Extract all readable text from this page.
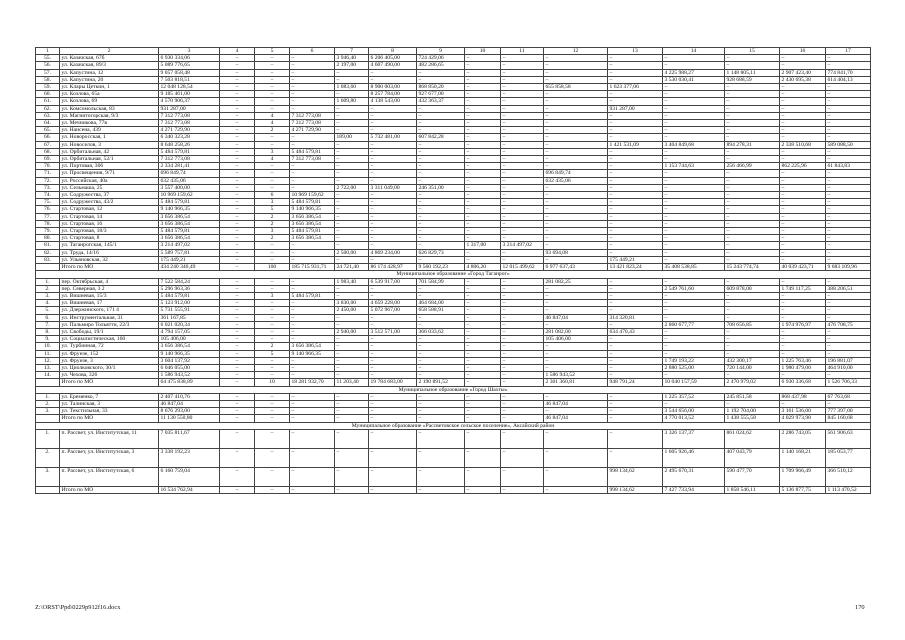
1	2	3	4	5	6	7	8	9	10	11	12	13	14	15	16	17
55.	ул. Казачская, 67б	6 930 334,06	–	–	–	3 946,40	6 206 405,00	724 429,06	–	–	–	–	–	–	–	–
56.	ул. Казачская, 89/3	5 089 776,65	–	–	–	2 197,00	4 607 490,00	482 286,65	–	–	–	–	–	–	–	–
57.	ул. Капустина, 12	9 057 058,48	–	–	–	–	–	–	–	–	–	–	4 225 988,27	1 148 805,11	2 907 423,40	774 841,70
58.	ул. Капустина, 20	7 503 818,51	–	–	–	–	–	–	–	–	–	–	3 530 030,41	928 688,59	2 430 695,38	614 404,13
59.	ул. Клары Цеткин, 1	12 048 128,54	–	–	–	1 083,60	8 900 003,00	868 850,20	–	–	655 858,58	1 623 377,06	–	–	–	–
60.	ул. Козлова, 65а	9 185 461,00	–	–	–	–	8 257 784,00	927 677,00	–	–	–	–	–	–	–	–
61.	ул. Козлова, 69	4 570 906,37	–	–	–	1 609,80	4 138 543,00	432 363,37	–	–	–	–	–	–	–	–
62.	ул. Комсомольская, 83	931 287,00	–	–	–	–	–	–	–	–	–	931 287,00	–	–	–	–
63.	ул. Магнитогорская, 9/3	7 312 773,08	–	4	7 312 773,08	–	–	–	–	–	–	–	–	–	–	–
64.	ул. Мечникова, 77в	7 312 773,08	–	4	7 312 773,08	–	–	–	–	–	–	–	–	–	–	–
65.	ул. Нансена, 439	4 271 729,90	–	2	4 271 729,90	–	–	–	–	–	–	–	–	–	–	–
66.	ул. Новоросская, 1	6 340 323,28	–	–	–	189,00	5 732 481,00	607 842,28	–	–	–	–	–	–	–	–
67.	ул. Новоселов, 3	8 648 258,26	–	–	–	–	–	–	–	–	–	1 421 531,09	3 404 849,68	894 278,31	2 338 510,68	589 088,50
68.	ул. Орбитальная, 42	5 484 579,81	–	3	5 484 579,81	–	–	–	–	–	–	–	–	–	–	–
69.	ул. Орбитальная, 52/1	7 312 773,08	–	4	7 312 773,08	–	–	–	–	–	–	–	–	–	–	–
70.	ул. Портовая, 306	2 334 281,41	–	–	–	–	–	–	–	–	–	–	1 153 744,63	256 466,99	862 225,96	61 843,83
71.	ул. Просвещения, 9/71	696 849,74	–	–	–	–	–	–	–	–	696 849,74	–	–	–	–	–
72.	ул. Российская, 40а	632 435,06	–	–	–	–	–	–	–	–	632 435,06	–	–	–	–	–
73.	ул. Сельмаша, 25	3 557 400,00	–	–	–	2 722,00	3 311 049,00	246 351,00	–	–	–	–	–	–	–	–
74.	ул. Содружества, 37	10 969 159,62	–	6	10 969 159,62	–	–	–	–	–	–	–	–	–	–	–
75.	ул. Содружества, 43/2	5 484 579,81	–	3	5 484 579,81	–	–	–	–	–	–	–	–	–	–	–
76.	ул. Стартовая, 12	9 140 966,35	–	5	9 140 966,35	–	–	–	–	–	–	–	–	–	–	–
77.	ул. Стартовая, 14	3 656 386,54	–	2	3 656 386,54	–	–	–	–	–	–	–	–	–	–	–
78.	ул. Стартовая, 16	3 656 386,54	–	2	3 656 386,54	–	–	–	–	–	–	–	–	–	–	–
79.	ул. Стартовая, 18/3	5 484 579,81	–	3	5 484 579,81	–	–	–	–	–	–	–	–	–	–	–
80.	ул. Стартовая, 8	3 656 386,54	–	2	3 656 386,54	–	–	–	–	–	–	–	–	–	–	–
81.	ул. Таганрогская, 145/1	3 214 497,02	–	–	–	–	–	–	1 317,00	3 214 497,02	–	–	–	–	–	–
82.	ул. Труда, 14/16	5 589 757,81	–	–	–	2 500,00	4 869 234,00	626 829,73	–	–	93 694,08	–	–	–	–	–
83.	ул. Ульяновская, 32	175 449,21	–	–	–	–	–	–	–	–	–	175 449,21	–	–	–	–
	Итого по МО	434 240 340,49	–	100	185 715 931,71	24 721,40	86 174 428,97	9 560 192,23	4 806,20	12 015 499,62	6 977 637,43	13 421 823,24	35 408 538,85	15 243 774,74	40 039 423,71	9 683 109,96
Муниципальное образование «Город Таганрог»																
1.	пер. Октябрьская, 4	7 522 584,24	–	–	–	1 983,40	6 539 917,00	701 584,99	–	–	281 082,25	–	–	–	–	–
2.	пер. Северная, 3 2	5 296 963,36	–	–	–	–	–	–	–	–	–	–	2 549 761,60	609 878,00	1 749 117,25	388 206,51
3.	ул. Вишневая, 15/3	5 484 579,81	–	3	5 484 579,81	–	–	–	–	–	–	–	–	–	–	–
4.	ул. Вишневая, 17	5 123 912,00	–	–	–	3 830,00	4 659 228,00	464 684,00	–	–	–	–	–	–	–	–
5.	ул. Дзержинского, 171 4	5 731 555,91	–	–	–	2 450,00	5 072 967,00	658 588,91	–	–	–	–	–	–	–	–
6.	ул. Инструментальная, 31	361 167,85	–	–	–	–	–	–	–	–	46 847,04	314 320,81	–	–	–	–
7.	ул. Пальмиро Тольятти, 22/3	6 021 020,34	–	–	–	–	–	–	–	–	–	–	2 860 677,77	708 656,85	1 974 976,97	476 708,75
8.	ул. Свободы, 19/1	4 794 157,05	–	–	–	2 940,00	3 512 571,00	366 033,62	–	–	281 082,00	634 470,43	–	–	–	–
9.	ул. Социалистическая, 160	105 406,00	–	–	–	–	–	–	–	–	105 406,00	–	–	–	–	–
10.	ул. Турбинная, 72	3 656 386,54	–	2	3 656 386,54	–	–	–	–	–	–	–	–	–	–	–
11.	ул. Фрунзе, 152	9 140 966,35	–	5	9 140 966,35	–	–	–	–	–	–	–	–	–	–	–
12.	ул. Фрунзе, 3	3 604 137,92	–	–	–	–	–	–	–	–	–	–	1 749 193,22	432 300,17	1 225 763,46	196 881,07
13.	ул. Циолковского, 30/1	6 046 055,00	–	–	–	–	–	–	–	–	–	–	2 880 525,00	720 144,00	1 980 479,00	464 910,00
14.	ул. Чехова, 326	1 586 943,52	–	–	–	–	–	–	–	–	1 586 943,52	–	–	–	–	–
	Итого по МО	64 475 838,89	–	10	18 281 932,70	11 203,40	19 784 683,00	2 190 891,52	–	–	2 301 360,81	948 791,24	10 040 157,59	2 470 979,02	6 930 336,68	1 526 706,33
Муниципальное образование «Город Шахты»																
1.	ул. Еременко, 7	2 407 410,76	–	–	–	–	–	–	–	–	–	–	1 225 357,52	245 851,58	868 437,98	67 763,68
2.	ул. Талинская, 3	46 847,04	–	–	–	–	–	–	–	–	46 847,04	–	–	–	–	–
3.	ул. Текстильная, 33	8 676 293,00	–	–	–	–	–	–	–	–	–	–	3 544 656,00	1 192 704,00	3 161 536,00	777 397,00
	Итого по МО	11 130 550,80	–	–	–	–	–	–	–	–	46 847,04	–	4 770 013,52	1 438 555,58	4 029 973,98	845 160,68
Муниципальное образование «Рассветовское сельское поселение», Аксайский район																
1.	п. Рассвет, ул. Институтская, 11	7 035 811,67	–	–	–	–	–	–	–	–	–	–	3 326 137,37	861 024,62	2 286 743,05	561 906,63
2.	п. Рассвет, ул. Институтская, 3	3 338 192,23	–	–	–	–	–	–	–	–	–	–	1 605 926,46	407 043,79	1 140 168,21	185 053,77
3.	п. Рассвет, ул. Институтская, 6	6 160 759,04	–	–	–	–	–	–	–	–	–	998 134,62	2 495 670,31	590 477,70	1 709 966,49	366 510,12
	Итого по МО	16 534 762,94	–	–	–	–	–	–	–	–	–	998 134,62	7 427 733,94	1 858 546,11	5 136 877,75	1 113 470,52
Z:\ORST\Ppd\0229p912f16.docx	170
